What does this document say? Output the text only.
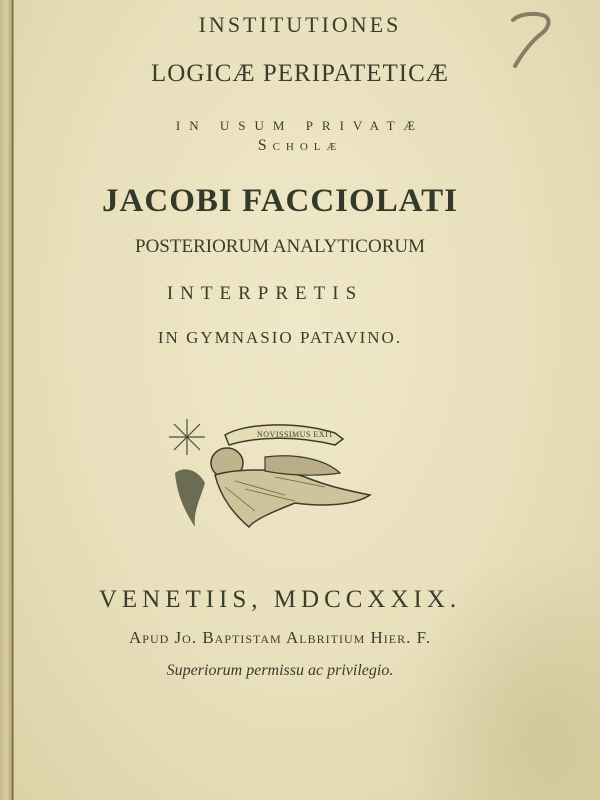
INSTITUTIONES
LOGICÆ PERIPATETICÆ
IN USUM PRIVATÆ
Scholæ
JACOBI FACCIOLATI
POSTERIORUM ANALYTICORUM
INTERPRETIS
IN GYMNASIO PATAVINO.
NOVISSIMUS EXIT
VENETIIS, MDCCXXIX.
Apud Jo. Baptistam Albritium Hier. F.
Superiorum permissu ac privilegio.
